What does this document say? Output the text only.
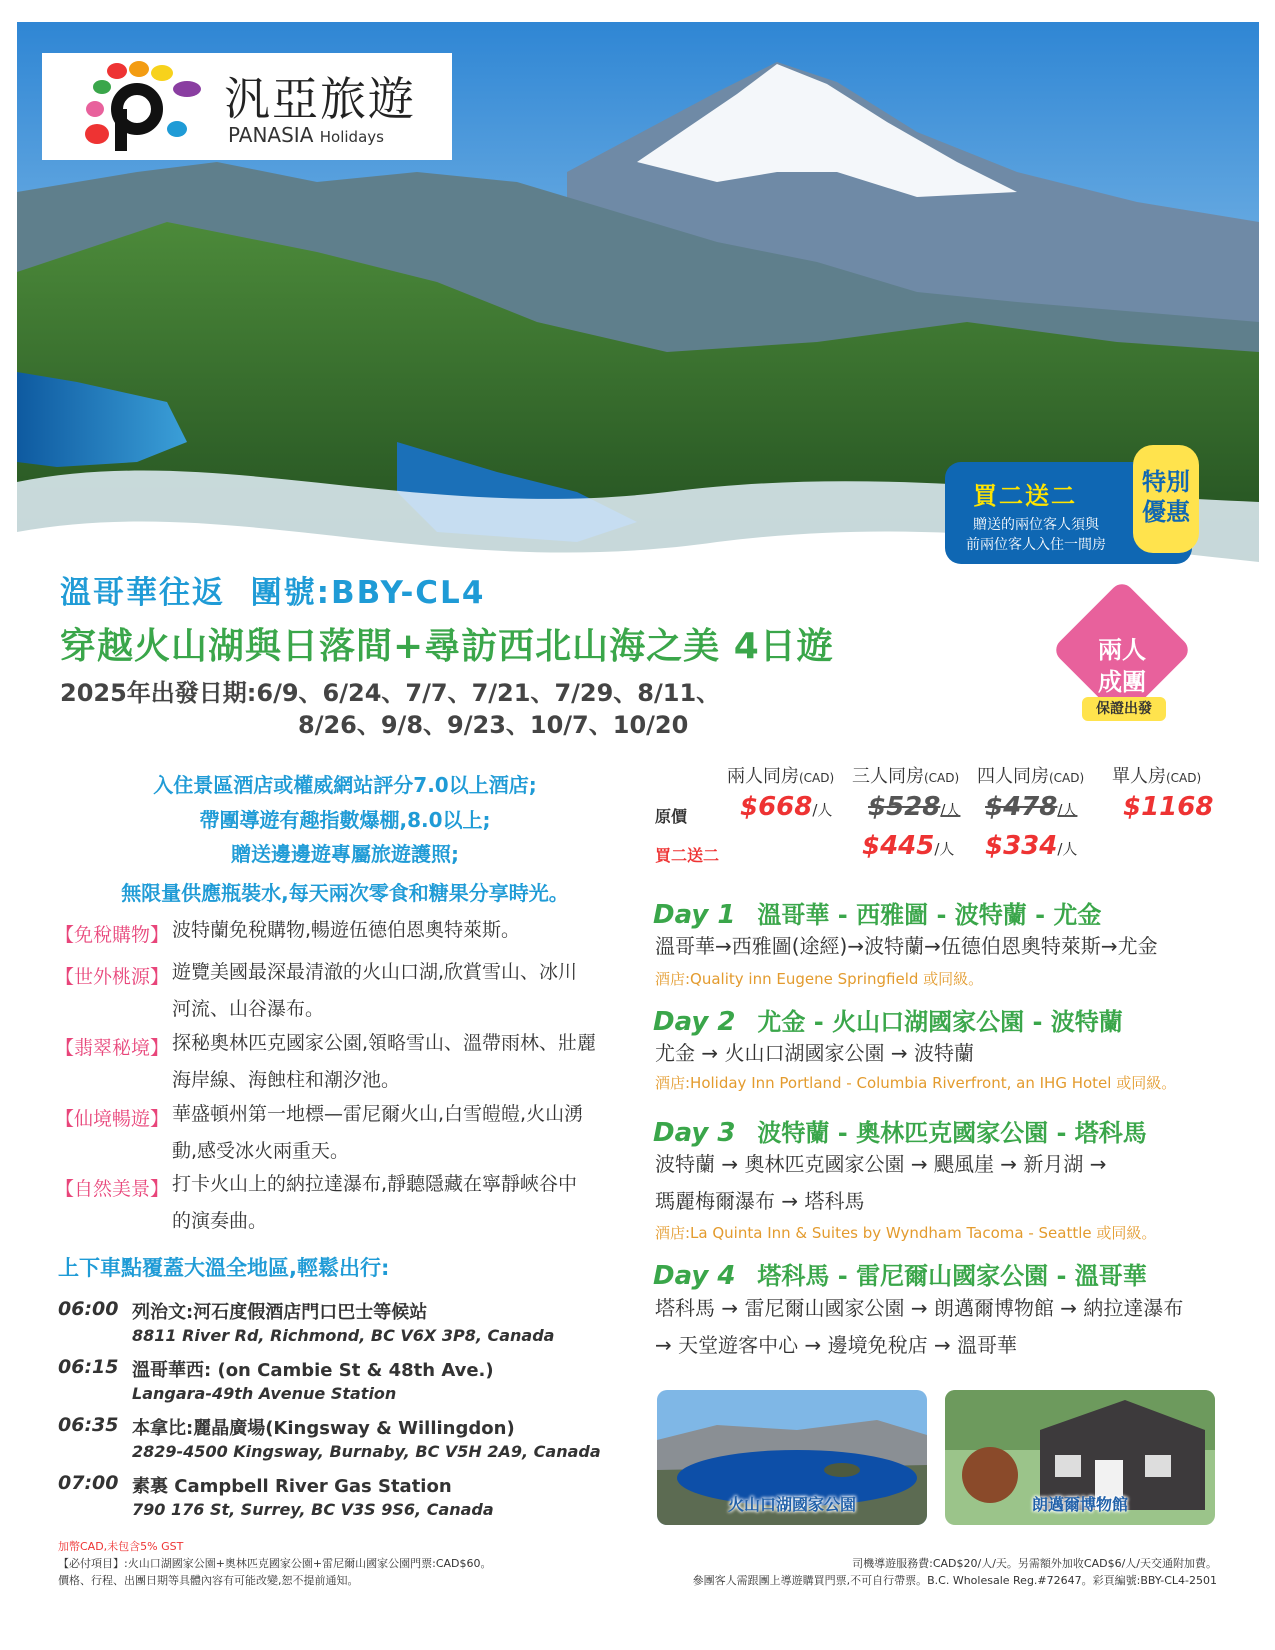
汎亞旅遊
PANASIA Holidays
買二送二
贈送的兩位客人須與
前兩位客人入住一間房
特別
優惠
溫哥華往返 團號:BBY-CL4
穿越火山湖與日落間+尋訪西北山海之美 4日遊
2025年出發日期:6/9、6/24、7/7、7/21、7/29、8/11、
8/26、9/8、9/23、10/7、10/20
兩人
成團
保證出發
入住景區酒店或權威網站評分7.0以上酒店;
帶團導遊有趣指數爆棚,8.0以上;
贈送邊邊遊專屬旅遊護照;
無限量供應瓶裝水,每天兩次零食和糖果分享時光。
【免稅購物】 波特蘭免稅購物,暢遊伍德伯恩奧特萊斯。
【世外桃源】 遊覽美國最深最清澈的火山口湖,欣賞雪山、冰川
河流、山谷瀑布。
【翡翠秘境】 探秘奧林匹克國家公園,領略雪山、溫帶雨林、壯麗
海岸線、海蝕柱和潮汐池。
【仙境暢遊】 華盛頓州第一地標—雷尼爾火山,白雪皚皚,火山湧
動,感受冰火兩重天。
【自然美景】 打卡火山上的納拉達瀑布,靜聽隱藏在寧靜峽谷中
的演奏曲。
上下車點覆蓋大溫全地區,輕鬆出行:
06:00 列治文:河石度假酒店門口巴士等候站
8811 River Rd, Richmond, BC V6X 3P8, Canada
06:15 溫哥華西: (on Cambie St & 48th Ave.)
Langara-49th Avenue Station
06:35 本拿比:麗晶廣場(Kingsway & Willingdon)
2829-4500 Kingsway, Burnaby, BC V5H 2A9, Canada
07:00 素裏 Campbell River Gas Station
790 176 St, Surrey, BC V3S 9S6, Canada
兩人同房(CAD) 三人同房(CAD) 四人同房(CAD) 單人房(CAD)
原價 $668/人 $528/人 $478/人 $1168
買二送二	$445/人 $334/人
Day 1 溫哥華 - 西雅圖 - 波特蘭 - 尤金
溫哥華→西雅圖(途經)→波特蘭→伍德伯恩奧特萊斯→尤金
酒店:Quality inn Eugene Springfield 或同級。
Day 2 尤金 - 火山口湖國家公園 - 波特蘭
尤金 → 火山口湖國家公園 → 波特蘭
酒店:Holiday Inn Portland - Columbia Riverfront, an IHG Hotel 或同級。
Day 3 波特蘭 - 奧林匹克國家公園 - 塔科馬
波特蘭 → 奧林匹克國家公園 → 颶風崖 → 新月湖 →
瑪麗梅爾瀑布 → 塔科馬
酒店:La Quinta Inn & Suites by Wyndham Tacoma - Seattle 或同級。
Day 4 塔科馬 - 雷尼爾山國家公園 - 溫哥華
塔科馬 → 雷尼爾山國家公園 → 朗邁爾博物館 → 納拉達瀑布
→ 天堂遊客中心 → 邊境免稅店 → 溫哥華
火山口湖國家公園	朗邁爾博物館
加幣CAD,未包含5% GST
【必付項目】:火山口湖國家公園+奧林匹克國家公園+雷尼爾山國家公園門票:CAD$60。
價格、行程、出團日期等具體內容有可能改變,恕不提前通知。
司機導遊服務費:CAD$20/人/天。另需額外加收CAD$6/人/天交通附加費。
參團客人需跟團上導遊購買門票,不可自行帶票。B.C. Wholesale Reg.#72647。彩頁編號:BBY-CL4-2501
